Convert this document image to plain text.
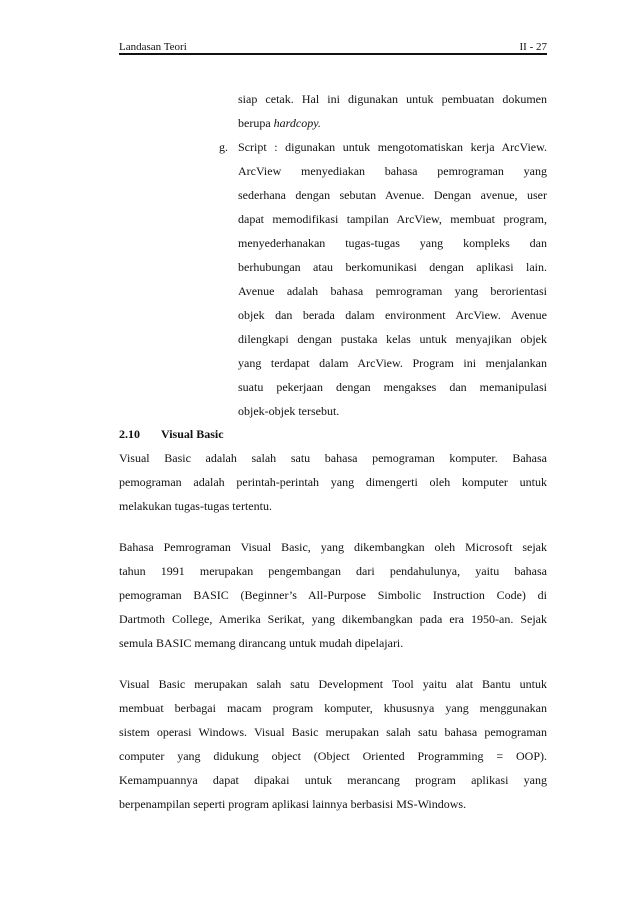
Landasan Teori	II - 27
siap cetak. Hal ini digunakan untuk pembuatan dokumen
berupa hardcopy.
g. Script : digunakan untuk mengotomatiskan kerja ArcView.
ArcView menyediakan bahasa pemrograman yang
sederhana dengan sebutan Avenue. Dengan avenue, user
dapat memodifikasi tampilan ArcView, membuat program,
menyederhanakan tugas-tugas yang kompleks dan
berhubungan atau berkomunikasi dengan aplikasi lain.
Avenue adalah bahasa pemrograman yang berorientasi
objek dan berada dalam environment ArcView. Avenue
dilengkapi dengan pustaka kelas untuk menyajikan objek
yang terdapat dalam ArcView. Program ini menjalankan
suatu pekerjaan dengan mengakses dan memanipulasi
objek-objek tersebut.
2.10 Visual Basic
Visual Basic adalah salah satu bahasa pemograman komputer. Bahasa
pemograman adalah perintah-perintah yang dimengerti oleh komputer untuk
melakukan tugas-tugas tertentu.
Bahasa Pemrograman Visual Basic, yang dikembangkan oleh Microsoft sejak
tahun 1991 merupakan pengembangan dari pendahulunya, yaitu bahasa
pemograman BASIC (Beginner’s All-Purpose Simbolic Instruction Code) di
Dartmoth College, Amerika Serikat, yang dikembangkan pada era 1950-an. Sejak
semula BASIC memang dirancang untuk mudah dipelajari.
Visual Basic merupakan salah satu Development Tool yaitu alat Bantu untuk
membuat berbagai macam program komputer, khususnya yang menggunakan
sistem operasi Windows. Visual Basic merupakan salah satu bahasa pemograman
computer yang didukung object (Object Oriented Programming = OOP).
Kemampuannya dapat dipakai untuk merancang program aplikasi yang
berpenampilan seperti program aplikasi lainnya berbasisi MS-Windows.
